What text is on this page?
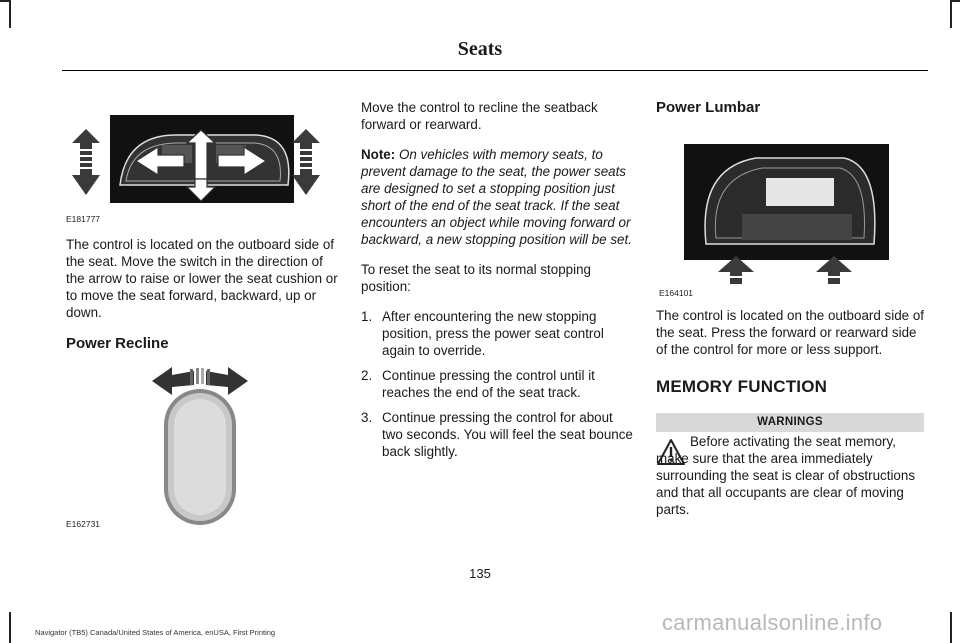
Seats
E181777

The control is located on the outboard side of the seat. Move the switch in the direction of the arrow to raise or lower the seat cushion or to move the seat forward, backward, up or down.

Power Recline

E162731

Move the control to recline the seatback forward or rearward.

Note: On vehicles with memory seats, to prevent damage to the seat, the power seats are designed to set a stopping position just short of the end of the seat track. If the seat encounters an object while moving forward or backward, a new stopping position will be set.

To reset the seat to its normal stopping position:

1. After encountering the new stopping position, press the power seat control again to override.
2. Continue pressing the control until it reaches the end of the seat track.
3. Continue pressing the control for about two seconds. You will feel the seat bounce back slightly.

Power Lumbar

E164101

The control is located on the outboard side of the seat. Press the forward or rearward side of the control for more or less support.

MEMORY FUNCTION

WARNINGS

Before activating the seat memory, make sure that the area immediately surrounding the seat is clear of obstructions and that all occupants are clear of moving parts.

135
Navigator (TB5) Canada/United States of America, enUSA, First Printing	carmanualsonline.info
